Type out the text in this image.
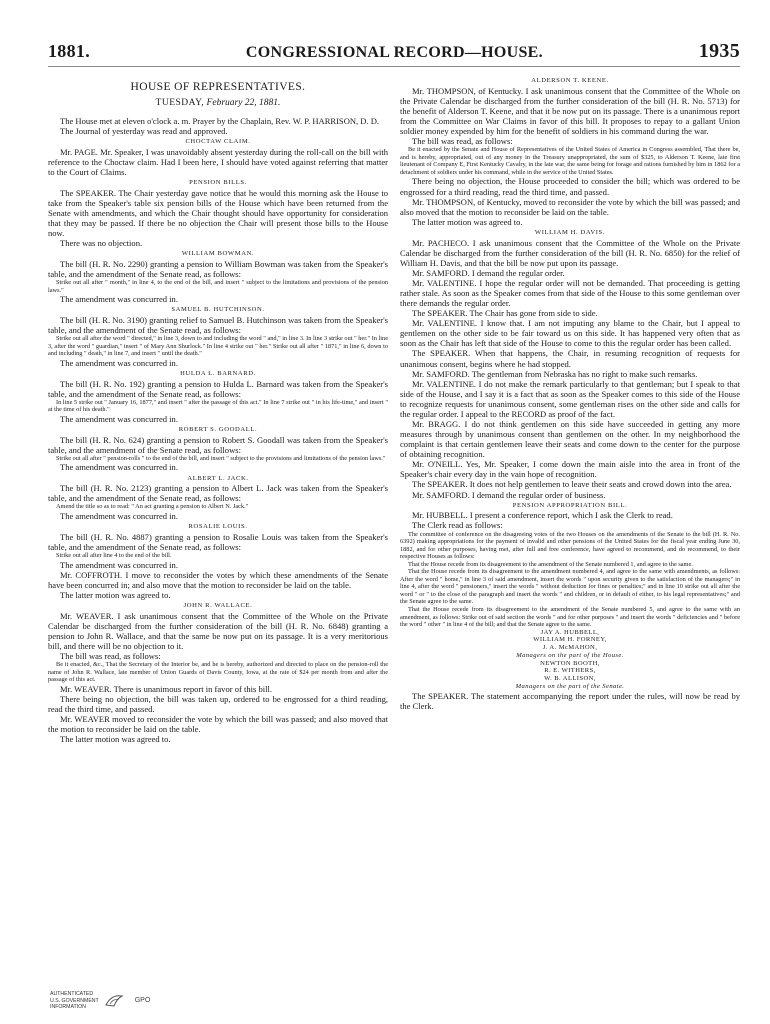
1881.	CONGRESSIONAL RECORD—HOUSE.	1935
HOUSE OF REPRESENTATIVES.
TUESDAY, February 22, 1881.

The House met at eleven o'clock a. m. Prayer by the Chaplain, Rev. W. P. HARRISON, D. D.

The Journal of yesterday was read and approved.

CHOCTAW CLAIM.

Mr. PAGE. Mr. Speaker, I was unavoidably absent yesterday during the roll-call on the bill with reference to the Choctaw claim. Had I been here, I should have voted against referring that matter to the Court of Claims.

PENSION BILLS.

The SPEAKER. The Chair yesterday gave notice that he would this morning ask the House to take from the Speaker's table six pension bills of the House which have been returned from the Senate with amendments, and which the Chair thought should have opportunity for consideration that they may be passed. If there be no objection the Chair will present those bills to the House now.

There was no objection.

WILLIAM BOWMAN.

The bill (H. R. No. 2290) granting a pension to William Bowman was taken from the Speaker's table, and the amendment of the Senate read, as follows:

Strike out all after " month," in line 4, to the end of the bill, and insert " subject to the limitations and provisions of the pension laws."

The amendment was concurred in.

SAMUEL B. HUTCHINSON.

The bill (H. R. No. 3190) granting relief to Samuel B. Hutchinson was taken from the Speaker's table, and the amendment of the Senate read, as follows:

Strike out all after the word " directed," in line 3, down to and including the word " and," in line 3. In line 3 strike out " her." In line 3, after the word " guardian," insert " of Mary Ann Shurlock." In line 4 strike out " her." Strike out all after " 1871," in line 6, down to and including " death," in line 7, and insert " until the death."

The amendment was concurred in.

HULDA L. BARNARD.

The bill (H. R. No. 192) granting a pension to Hulda L. Barnard was taken from the Speaker's table, and the amendment of the Senate read, as follows:

In line 5 strike out " January 16, 1877," and insert " after the passage of this act." In line 7 strike out " in his life-time," and insert " at the time of his death."

The amendment was concurred in.

ROBERT S. GOODALL.

The bill (H. R. No. 624) granting a pension to Robert S. Goodall was taken from the Speaker's table, and the amendment of the Senate read, as follows:

Strike out all after " pension-rolls " to the end of the bill, and insert " subject to the provisions and limitations of the pension laws."

The amendment was concurred in.

ALBERT L. JACK.

The bill (H. R. No. 2123) granting a pension to Albert L. Jack was taken from the Speaker's table, and the amendment of the Senate read, as follows:

Amend the title so as to read: " An act granting a pension to Albert N. Jack."

The amendment was concurred in.

ROSALIE LOUIS.

The bill (H. R. No. 4887) granting a pension to Rosalie Louis was taken from the Speaker's table, and the amendment of the Senate read, as follows:

Strike out all after line 4 to the end of the bill.

The amendment was concurred in.

Mr. COFFROTH. I move to reconsider the votes by which these amendments of the Senate have been concurred in; and also move that the motion to reconsider be laid on the table.

The latter motion was agreed to.

JOHN R. WALLACE.

Mr. WEAVER. I ask unanimous consent that the Committee of the Whole on the Private Calendar be discharged from the further consideration of the bill (H. R. No. 6848) granting a pension to John R. Wallace, and that the same be now put on its passage. It is a very meritorious bill, and there will be no objection to it.

The bill was read, as follows:

Be it enacted, &c., That the Secretary of the Interior be, and he is hereby, authorized and directed to place on the pension-roll the name of John R. Wallace, late member of Union Guards of Davis County, Iowa, at the rate of $24 per month from and after the passage of this act.

Mr. WEAVER. There is unanimous report in favor of this bill.

There being no objection, the bill was taken up, ordered to be engrossed for a third reading, read the third time, and passed.

Mr. WEAVER moved to reconsider the vote by which the bill was passed; and also moved that the motion to reconsider be laid on the table.

The latter motion was agreed to.

ALDERSON T. KEENE.

Mr. THOMPSON, of Kentucky. I ask unanimous consent that the Committee of the Whole on the Private Calendar be discharged from the further consideration of the bill (H. R. No. 5713) for the benefit of Alderson T. Keene, and that it be now put on its passage. There is a unanimous report from the Committee on War Claims in favor of this bill. It proposes to repay to a gallant Union soldier money expended by him for the benefit of soldiers in his command during the war.

The bill was read, as follows:

Be it enacted by the Senate and House of Representatives of the United States of America in Congress assembled, That there be, and is hereby, appropriated, out of any money in the Treasury unappropriated, the sum of $325, to Alderson T. Keene, late first lieutenant of Company E, First Kentucky Cavalry, in the late war, the same being for forage and rations furnished by him in 1862 for a detachment of soldiers under his command, while in the service of the United States.

There being no objection, the House proceeded to consider the bill; which was ordered to be engrossed for a third reading, read the third time, and passed.

Mr. THOMPSON, of Kentucky, moved to reconsider the vote by which the bill was passed; and also moved that the motion to reconsider be laid on the table.

The latter motion was agreed to.

WILLIAM H. DAVIS.

Mr. PACHECO. I ask unanimous consent that the Committee of the Whole on the Private Calendar be discharged from the further consideration of the bill (H. R. No. 6850) for the relief of William H. Davis, and that the bill be now put upon its passage.

Mr. SAMFORD. I demand the regular order.

Mr. VALENTINE. I hope the regular order will not be demanded. That proceeding is getting rather stale. As soon as the Speaker comes from that side of the House to this some gentleman over there demands the regular order.

The SPEAKER. The Chair has gone from side to side.

Mr. VALENTINE. I know that. I am not imputing any blame to the Chair, but I appeal to gentlemen on the other side to be fair toward us on this side. It has happened very often that as soon as the Chair has left that side of the House to come to this the regular order has been called.

The SPEAKER. When that happens, the Chair, in resuming recognition of requests for unanimous consent, begins where he had stopped.

Mr. SAMFORD. The gentleman from Nebraska has no right to make such remarks.

Mr. VALENTINE. I do not make the remark particularly to that gentleman; but I speak to that side of the House, and I say it is a fact that as soon as the Speaker comes to this side of the House to recognize requests for unanimous consent, some gentleman rises on the other side and calls for the regular order. I appeal to the RECORD as proof of the fact.

Mr. BRAGG. I do not think gentlemen on this side have succeeded in getting any more measures through by unanimous consent than gentlemen on the other. In my neighborhood the complaint is that certain gentlemen leave their seats and come down to the center for the purpose of obtaining recognition.

Mr. O'NEILL. Yes, Mr. Speaker, I come down the main aisle into the area in front of the Speaker's chair every day in the vain hope of recognition.

The SPEAKER. It does not help gentlemen to leave their seats and crowd down into the area.

Mr. SAMFORD. I demand the regular order of business.

PENSION APPROPRIATION BILL.

Mr. HUBBELL. I present a conference report, which I ask the Clerk to read.

The Clerk read as follows:

The committee of conference on the disagreeing votes of the two Houses on the amendments of the Senate to the bill (H. R. No. 6392) making appropriations for the payment of invalid and other pensions of the United States for the fiscal year ending June 30, 1882, and for other purposes, having met, after full and free conference, have agreed to recommend, and do recommend, to their respective Houses as follows:

That the House recede from its disagreement to the amendment of the Senate numbered 1, and agree to the same.

That the House recede from its disagreement to the amendment numbered 4, and agree to the same with amendments, as follows: After the word " home," in line 3 of said amendment, insert the words " upon security given to the satisfaction of the managers;" in line 4, after the word " pensioners," insert the words " without deduction for fines or penalties;" and in line 10 strike out all after the word " or " to the close of the paragraph and insert the words " and children, or in default of either, to his legal representatives;" and the Senate agree to the same.

That the House recede from its disagreement to the amendment of the Senate numbered 5, and agree to the same with an amendment, as follows: Strike out of said section the words " and for other purposes " and insert the words " deficiencies and " before the word " other " in line 4 of the bill; and that the Senate agree to the same.

JAY A. HUBBELL,
WILLIAM H. FORNEY,
J. A. McMAHON,
Managers on the part of the House.
NEWTON BOOTH,
R. E. WITHERS,
W. B. ALLISON,
Managers on the part of the Senate.

The SPEAKER. The statement accompanying the report under the rules, will now be read by the Clerk.

AUTHENTICATED
U.S. GOVERNMENT
INFORMATION
GPO
